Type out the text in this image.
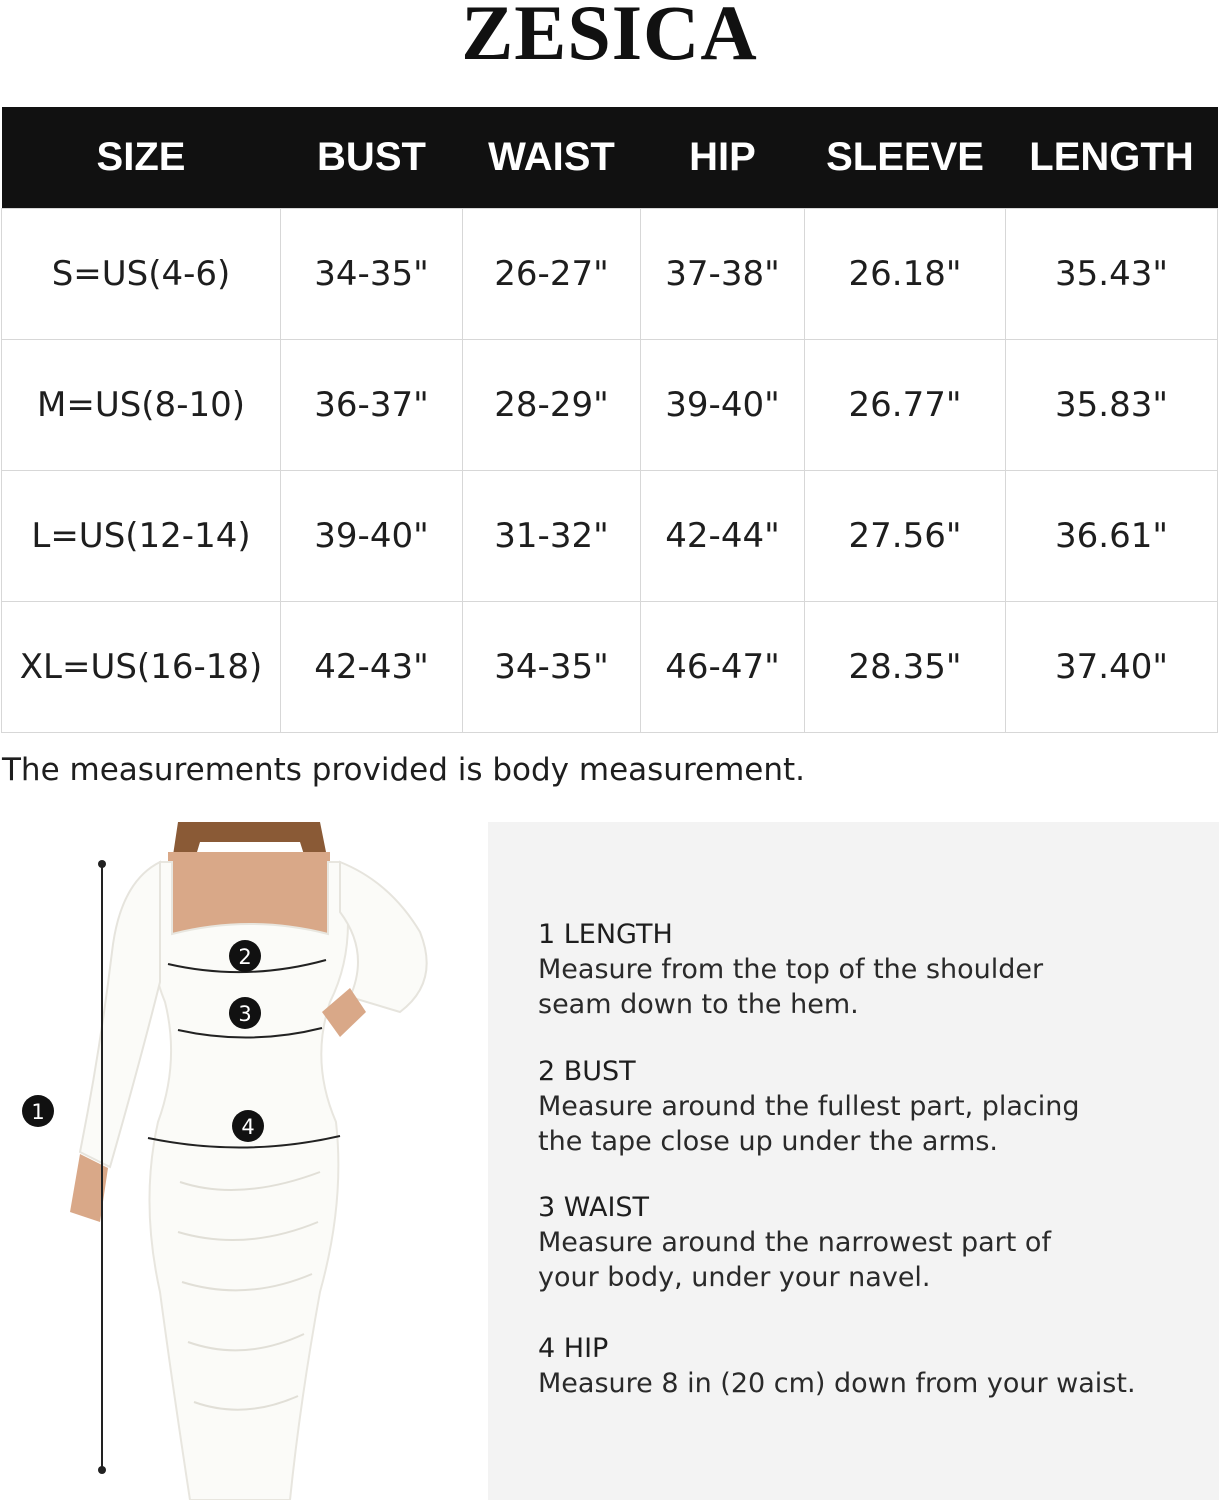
ZESICA
SIZE	BUST	WAIST	HIP	SLEEVE	LENGTH
S=US(4-6)	34-35"	26-27"	37-38"	26.18"	35.43"
M=US(8-10)	36-37"	28-29"	39-40"	26.77"	35.83"
L=US(12-14)	39-40"	31-32"	42-44"	27.56"	36.61"
XL=US(16-18)	42-43"	34-35"	46-47"	28.35"	37.40"
The measurements provided is body measurement.
1
2
3
4
1 LENGTH
Measure from the top of the shoulder
seam down to the hem.
2 BUST
Measure around the fullest part, placing
the tape close up under the arms.
3 WAIST
Measure around the narrowest part of
your body, under your navel.
4 HIP
Measure 8 in (20 cm) down from your waist.
